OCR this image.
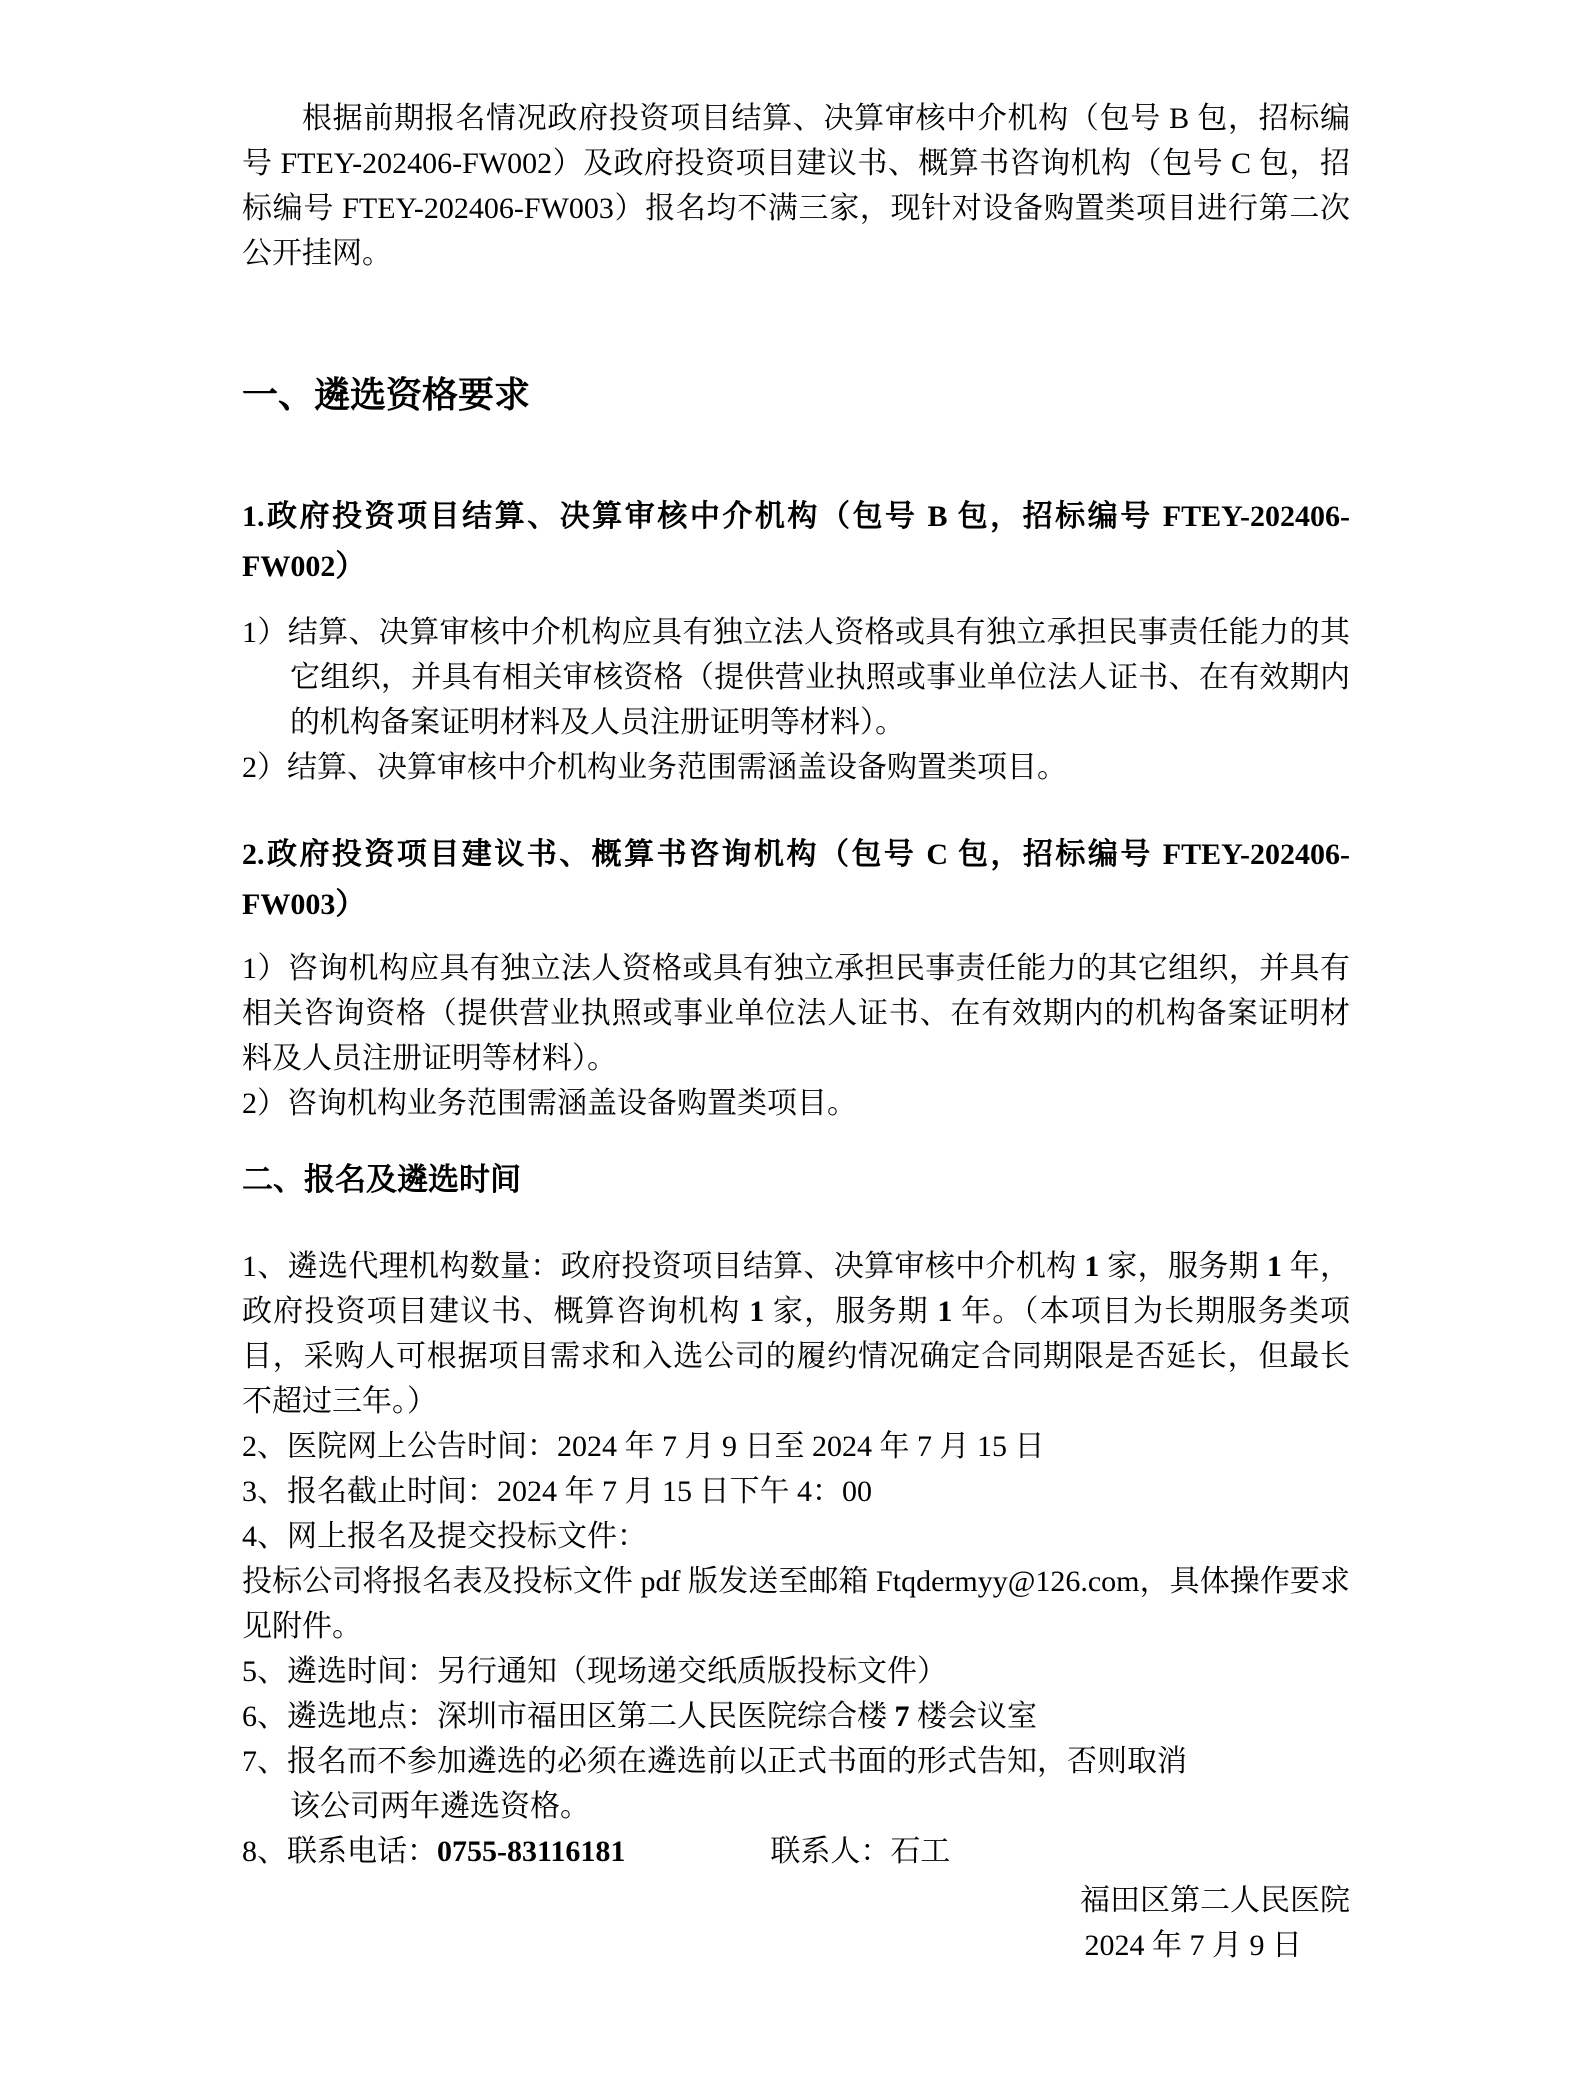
根据前期报名情况政府投资项目结算、决算审核中介机构（包号 B 包，招标编号 FTEY-202406-FW002）及政府投资项目建议书、概算书咨询机构（包号 C 包，招标编号 FTEY-202406-FW003）报名均不满三家，现针对设备购置类项目进行第二次公开挂网。

一、遴选资格要求

1.政府投资项目结算、决算审核中介机构（包号 B 包，招标编号 FTEY-202406-FW002）

1）结算、决算审核中介机构应具有独立法人资格或具有独立承担民事责任能力的其它组织，并具有相关审核资格（提供营业执照或事业单位法人证书、在有效期内的机构备案证明材料及人员注册证明等材料）。

2）结算、决算审核中介机构业务范围需涵盖设备购置类项目。

2.政府投资项目建议书、概算书咨询机构（包号 C 包，招标编号 FTEY-202406-FW003）

1）咨询机构应具有独立法人资格或具有独立承担民事责任能力的其它组织，并具有相关咨询资格（提供营业执照或事业单位法人证书、在有效期内的机构备案证明材料及人员注册证明等材料）。

2）咨询机构业务范围需涵盖设备购置类项目。

二、报名及遴选时间

1、遴选代理机构数量：政府投资项目结算、决算审核中介机构 1 家，服务期 1 年，政府投资项目建议书、概算咨询机构 1 家，服务期 1 年。（本项目为长期服务类项目，采购人可根据项目需求和入选公司的履约情况确定合同期限是否延长，但最长不超过三年。）

2、医院网上公告时间：2024 年 7 月 9 日至 2024 年 7 月 15 日

3、报名截止时间：2024 年 7 月 15 日下午 4：00

4、网上报名及提交投标文件：

投标公司将报名表及投标文件 pdf 版发送至邮箱 Ftqdermyy@126.com，具体操作要求见附件。

5、遴选时间：另行通知（现场递交纸质版投标文件）

6、遴选地点：深圳市福田区第二人民医院综合楼 7 楼会议室

7、报名而不参加遴选的必须在遴选前以正式书面的形式告知，否则取消

该公司两年遴选资格。

8、联系电话：0755-83116181	联系人：石工

福田区第二人民医院

2024 年 7 月 9 日
